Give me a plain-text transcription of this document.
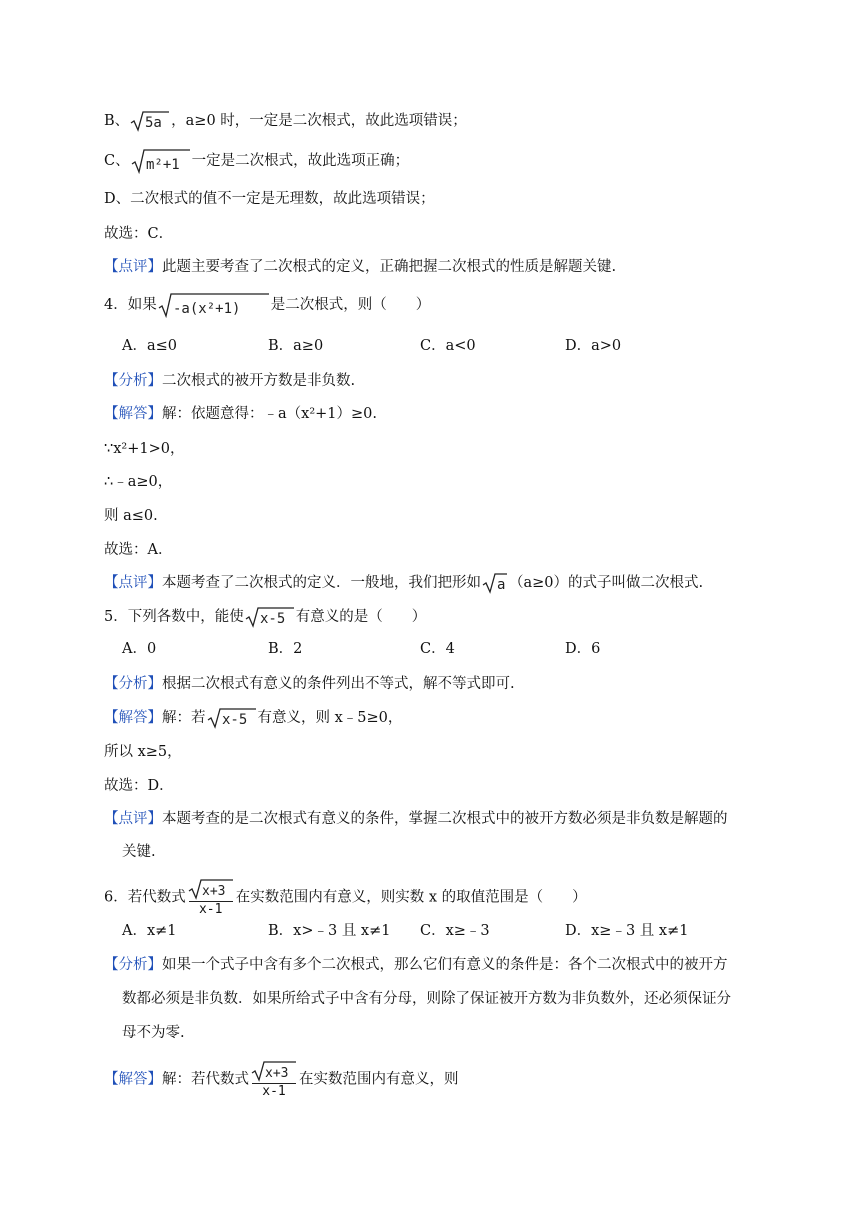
B、 5a ，a≥0 时，一定是二次根式，故此选项错误；
C、 m²+1 一定是二次根式，故此选项正确；
D、二次根式的值不一定是无理数，故此选项错误；
故选：C．
【点评】此题主要考查了二次根式的定义，正确把握二次根式的性质是解题关键.
4．如果 -a(x²+1) 是二次根式，则（　　）
A．a≤0	B．a≥0	C．a<0	D．a>0
【分析】二次根式的被开方数是非负数.
【解答】解：依题意得：﹣a（x²+1）≥0.
∵x²+1>0，
∴﹣a≥0，
则 a≤0.
故选：A．
【点评】本题考查了二次根式的定义．一般地，我们把形如 a （a≥0）的式子叫做二次根式.
5．下列各数中，能使 x-5 有意义的是（　　）
A．0	B．2	C．4	D．6
【分析】根据二次根式有意义的条件列出不等式，解不等式即可.
【解答】解：若 x-5 有意义，则 x﹣5≥0，
所以 x≥5，
故选：D．
【点评】本题考查的是二次根式有意义的条件，掌握二次根式中的被开方数必须是非负数是解题的
关键.
6．若代数式 $\frac{x+3}{x-1}$ 在实数范围内有意义，则实数 x 的取值范围是（　　）
A．x≠1	B．x>﹣3 且 x≠1 C．x≥﹣3	D．x≥﹣3 且 x≠1
【分析】如果一个式子中含有多个二次根式，那么它们有意义的条件是：各个二次根式中的被开方
数都必须是非负数．如果所给式子中含有分母，则除了保证被开方数为非负数外，还必须保证分
母不为零.
【解答】解：若代数式 $\frac{x+3}{x-1}$ 在实数范围内有意义，则
